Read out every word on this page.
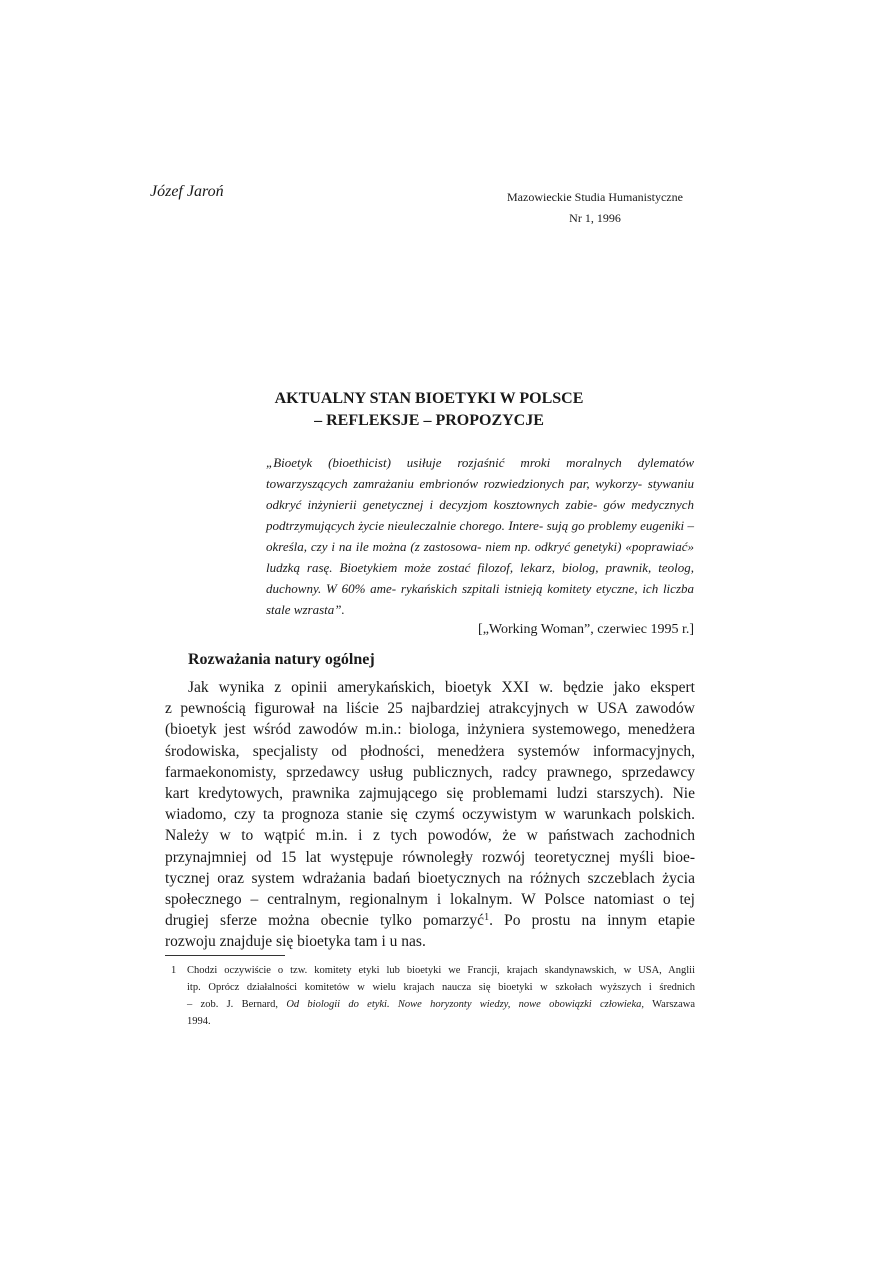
Józef Jaroń	Mazowieckie Studia Humanistyczne
Nr 1, 1996
AKTUALNY STAN BIOETYKI W POLSCE
– REFLEKSJE – PROPOZYCJE
„Bioetyk (bioethicist) usiłuje rozjaśnić mroki moralnych dylematów towarzyszących zamrażaniu embrionów rozwiedzionych par, wykorzy- stywaniu odkryć inżynierii genetycznej i decyzjom kosztownych zabie- gów medycznych podtrzymujących życie nieuleczalnie chorego. Intere- sują go problemy eugeniki – określa, czy i na ile można (z zastosowa- niem np. odkryć genetyki) «poprawiać» ludzką rasę. Bioetykiem może zostać filozof, lekarz, biolog, prawnik, teolog, duchowny. W 60% ame- rykańskich szpitali istnieją komitety etyczne, ich liczba stale wzrasta”.
[„Working Woman”, czerwiec 1995 r.]
Rozważania natury ogólnej
Jak wynika z opinii amerykańskich, bioetyk XXI w. będzie jako ekspert
z pewnością figurował na liście 25 najbardziej atrakcyjnych w USA zawodów
(bioetyk jest wśród zawodów m.in.: biologa, inżyniera systemowego, menedżera
środowiska, specjalisty od płodności, menedżera systemów informacyjnych,
farmaekonomisty, sprzedawcy usług publicznych, radcy prawnego, sprzedawcy
kart kredytowych, prawnika zajmującego się problemami ludzi starszych). Nie
wiadomo, czy ta prognoza stanie się czymś oczywistym w warunkach polskich.
Należy w to wątpić m.in. i z tych powodów, że w państwach zachodnich
przynajmniej od 15 lat występuje równoległy rozwój teoretycznej myśli bioe-
tycznej oraz system wdrażania badań bioetycznych na różnych szczeblach życia
społecznego – centralnym, regionalnym i lokalnym. W Polsce natomiast o tej
drugiej sferze można obecnie tylko pomarzyć$^1$. Po prostu na innym etapie
rozwoju znajduje się bioetyka tam i u nas.
1 Chodzi oczywiście o tzw. komitety etyki lub bioetyki we Francji, krajach skandynawskich, w USA, Anglii
itp. Oprócz działalności komitetów w wielu krajach naucza się bioetyki w szkołach wyższych i średnich
– zob. J. Bernard, Od biologii do etyki. Nowe horyzonty wiedzy, nowe obowiązki człowieka, Warszawa
1994.
